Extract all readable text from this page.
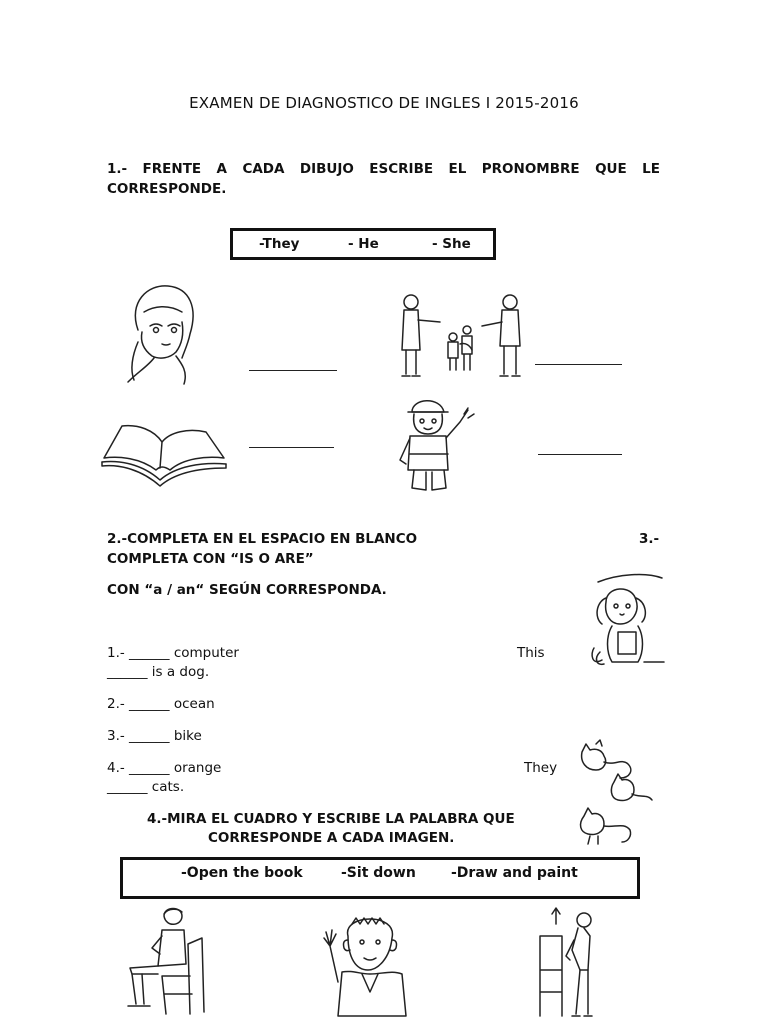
EXAMEN DE DIAGNOSTICO DE INGLES I 2015-2016
1.- FRENTE A CADA DIBUJO ESCRIBE EL PRONOMBRE QUE LE CORRESPONDE.
-They	- He	- She
2.-COMPLETA EN EL ESPACIO EN BLANCO	3.-
COMPLETA CON “IS O ARE”
CON “a / an“ SEGÚN CORRESPONDA.
1.- ______ computer	This
______ is a dog.
2.- ______ ocean
3.- ______ bike
4.- ______ orange	They
______ cats.
4.-MIRA EL CUADRO Y ESCRIBE LA PALABRA QUE
CORRESPONDE A CADA IMAGEN.
-Open the book	-Sit down	-Draw and paint
